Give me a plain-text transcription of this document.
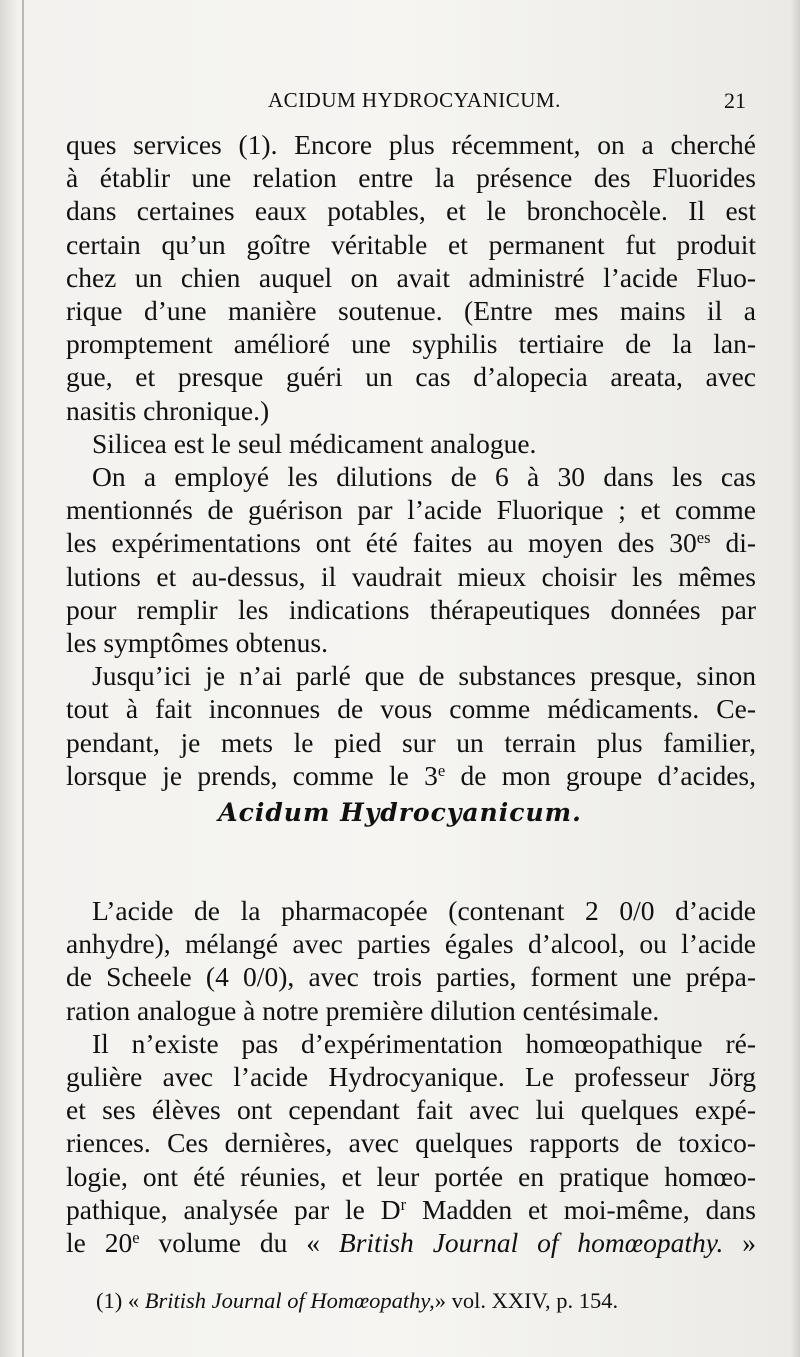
ACIDUM HYDROCYANICUM.	21
ques services (1). Encore plus récemment, on a cherché
à établir une relation entre la présence des Fluorides
dans certaines eaux potables, et le bronchocèle. Il est
certain qu’un goître véritable et permanent fut produit
chez un chien auquel on avait administré l’acide Fluo-
rique d’une manière soutenue. (Entre mes mains il a
promptement amélioré une syphilis tertiaire de la lan-
gue, et presque guéri un cas d’alopecia areata, avec
nasitis chronique.)
Silicea est le seul médicament analogue.
On a employé les dilutions de 6 à 30 dans les cas
mentionnés de guérison par l’acide Fluorique ; et comme
les expérimentations ont été faites au moyen des $30^{es}$ di-
lutions et au-dessus, il vaudrait mieux choisir les mêmes
pour remplir les indications thérapeutiques données par
les symptômes obtenus.
Jusqu’ici je n’ai parlé que de substances presque, sinon
tout à fait inconnues de vous comme médicaments. Ce-
pendant, je mets le pied sur un terrain plus familier,
lorsque je prends, comme le 3e de mon groupe d’acides,
Acidum Hydrocyanicum.
L’acide de la pharmacopée (contenant 2 0/0 d’acide
anhydre), mélangé avec parties égales d’alcool, ou l’acide
de Scheele (4 0/0), avec trois parties, forment une prépa-
ration analogue à notre première dilution centésimale.
Il n’existe pas d’expérimentation homœopathique ré-
gulière avec l’acide Hydrocyanique. Le professeur Jörg
et ses élèves ont cependant fait avec lui quelques expé-
riences. Ces dernières, avec quelques rapports de toxico-
logie, ont été réunies, et leur portée en pratique homœo-
pathique, analysée par le $D^r$ Madden et moi-même, dans
le 20e volume du « British Journal of homœopathy. »
(1) « British Journal of Homœopathy,» vol. XXIV, p. 154.
